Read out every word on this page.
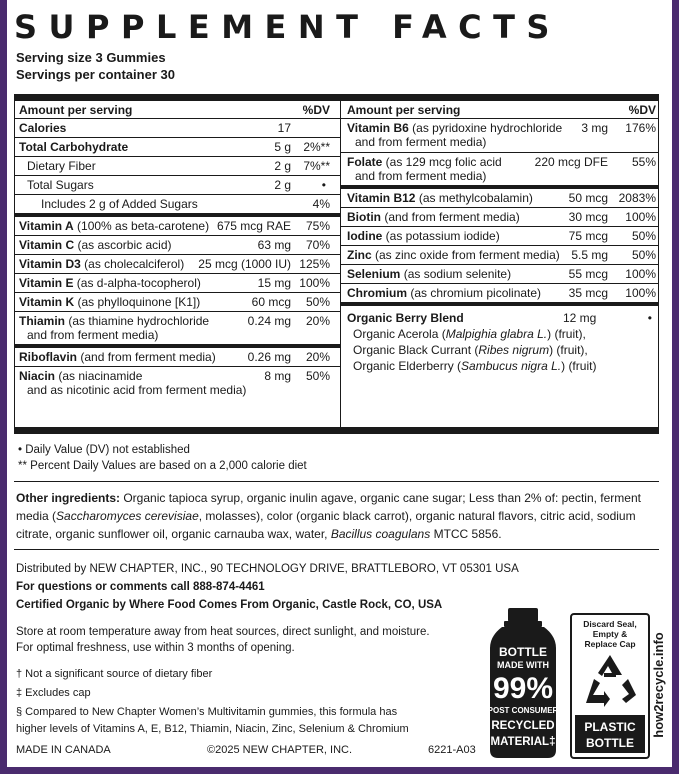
SUPPLEMENT FACTS
Serving size 3 Gummies
Servings per container 30
Amount per serving	%DV
Calories	17
Total Carbohydrate	5 g 2%**
Dietary Fiber	2 g 7%**
Total Sugars	2 g	•
Includes 2 g of Added Sugars	4%
Vitamin A (100% as beta-carotene) 675 mcg RAE 75%
Vitamin C (as ascorbic acid)	63 mg 70%
Vitamin D3 (as cholecalciferol)	25 mcg (1000 IU) 125%
Vitamin E (as d-alpha-tocopherol)	15 mg 100%
Vitamin K (as phylloquinone [K1])	60 mcg 50%
Thiamin (as thiamine hydrochloride
and from ferment media)
0.24 mg 20%
Riboflavin (and from ferment media)	0.26 mg 20%
Niacin (as niacinamide
and as nicotinic acid from ferment media)
8 mg 50%
Amount per serving	%DV
Vitamin B6 (as pyridoxine hydrochloride
and from ferment media)
3 mg 176%
Folate (as 129 mcg folic acid
and from ferment media)
220 mcg DFE 55%
Vitamin B12 (as methylcobalamin)	50 mcg 2083%
Biotin (and from ferment media)	30 mcg 100%
Iodine (as potassium iodide)	75 mcg 50%
Zinc (as zinc oxide from ferment media) 5.5 mg 50%
Selenium (as sodium selenite)	55 mcg 100%
Chromium (as chromium picolinate)	35 mcg 100%
Organic Berry Blend	12 mg	•
Organic Acerola (Malpighia glabra L.) (fruit),
Organic Black Currant (Ribes nigrum) (fruit),
Organic Elderberry (Sambucus nigra L.) (fruit)
• Daily Value (DV) not established
** Percent Daily Values are based on a 2,000 calorie diet
Other ingredients: Organic tapioca syrup, organic inulin agave, organic cane sugar; Less than 2% of: pectin, ferment
media (Saccharomyces cerevisiae, molasses), color (organic black carrot), organic natural flavors, citric acid, sodium
citrate, organic sunflower oil, organic carnauba wax, water, Bacillus coagulans MTCC 5856.
Distributed by NEW CHAPTER, INC., 90 TECHNOLOGY DRIVE, BRATTLEBORO, VT 05301 USA
For questions or comments call 888-874-4461
Certified Organic by Where Food Comes From Organic, Castle Rock, CO, USA
Store at room temperature away from heat sources, direct sunlight, and moisture.
For optimal freshness, use within 3 months of opening.
† Not a significant source of dietary fiber
‡ Excludes cap
§ Compared to New Chapter Women’s Multivitamin gummies, this formula has
higher levels of Vitamins A, E, B12, Thiamin, Niacin, Zinc, Selenium & Chromium
MADE IN CANADA	©2025 NEW CHAPTER, INC.	6221-A03
BOTTLE
MADE WITH
99%
POST CONSUMER
RECYCLED
MATERIAL‡
Discard Seal,
Empty &
Replace Cap
PLASTIC
BOTTLE
how2recycle.info
